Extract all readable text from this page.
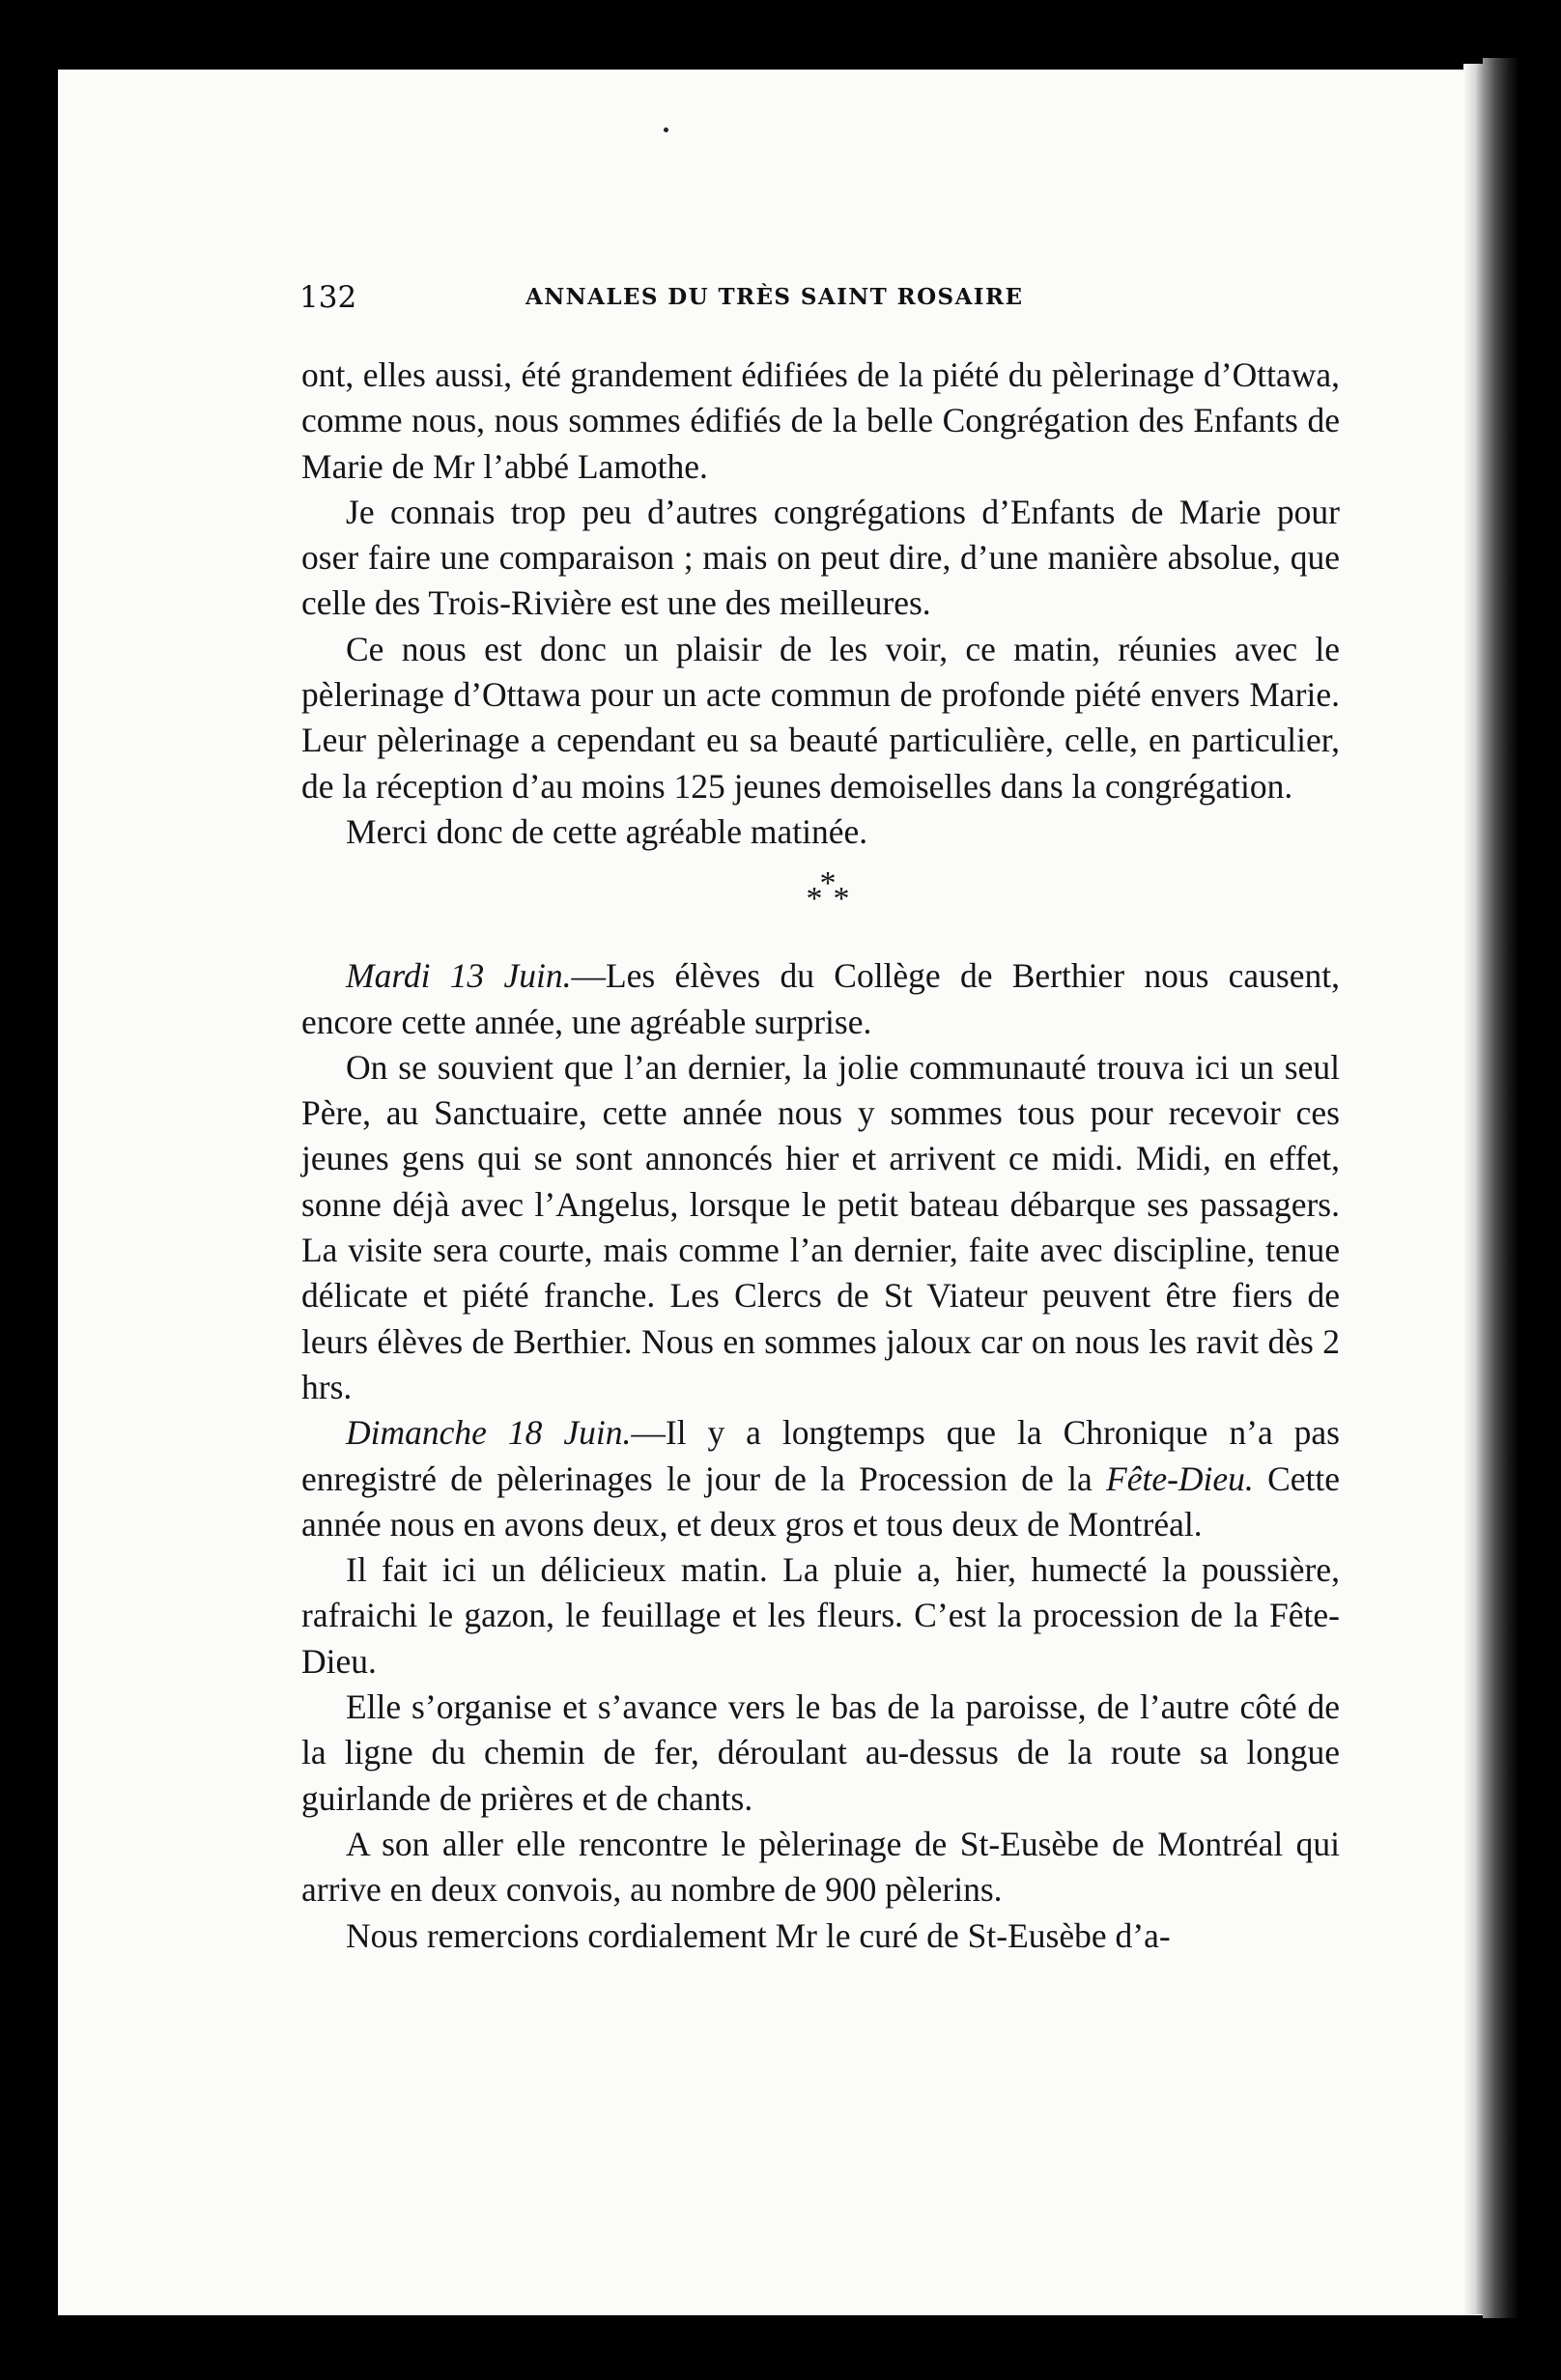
132	ANNALES DU TRÈS SAINT ROSAIRE

ont, elles aussi, été grandement édifiées de la piété du pèlerinage d’Ottawa, comme nous, nous sommes édifiés de la belle Congrégation des Enfants de Marie de Mr l’abbé Lamothe.

Je connais trop peu d’autres congrégations d’Enfants de Marie pour oser faire une comparaison ; mais on peut dire, d’une manière absolue, que celle des Trois-Rivière est une des meilleures.

Ce nous est donc un plaisir de les voir, ce matin, réunies avec le pèlerinage d’Ottawa pour un acte commun de profonde piété envers Marie. Leur pèlerinage a cependant eu sa beauté particulière, celle, en particulier, de la réception d’au moins 125 jeunes demoiselles dans la congrégation.

Merci donc de cette agréable matinée.

***

Mardi 13 Juin.—Les élèves du Collège de Berthier nous causent, encore cette année, une agréable surprise.

On se souvient que l’an dernier, la jolie communauté trouva ici un seul Père, au Sanctuaire, cette année nous y sommes tous pour recevoir ces jeunes gens qui se sont annoncés hier et arrivent ce midi. Midi, en effet, sonne déjà avec l’Angelus, lorsque le petit bateau débarque ses passagers. La visite sera courte, mais comme l’an dernier, faite avec discipline, tenue délicate et piété franche. Les Clercs de St Viateur peuvent être fiers de leurs élèves de Berthier. Nous en sommes jaloux car on nous les ravit dès 2 hrs.

Dimanche 18 Juin.—Il y a longtemps que la Chronique n’a pas enregistré de pèlerinages le jour de la Procession de la Fête-Dieu. Cette année nous en avons deux, et deux gros et tous deux de Montréal.

Il fait ici un délicieux matin. La pluie a, hier, humecté la poussière, rafraichi le gazon, le feuillage et les fleurs. C’est la procession de la Fête-Dieu.

Elle s’organise et s’avance vers le bas de la paroisse, de l’autre côté de la ligne du chemin de fer, déroulant au-dessus de la route sa longue guirlande de prières et de chants.

A son aller elle rencontre le pèlerinage de St-Eusèbe de Montréal qui arrive en deux convois, au nombre de 900 pèlerins.

Nous remercions cordialement Mr le curé de St-Eusèbe d’a-
